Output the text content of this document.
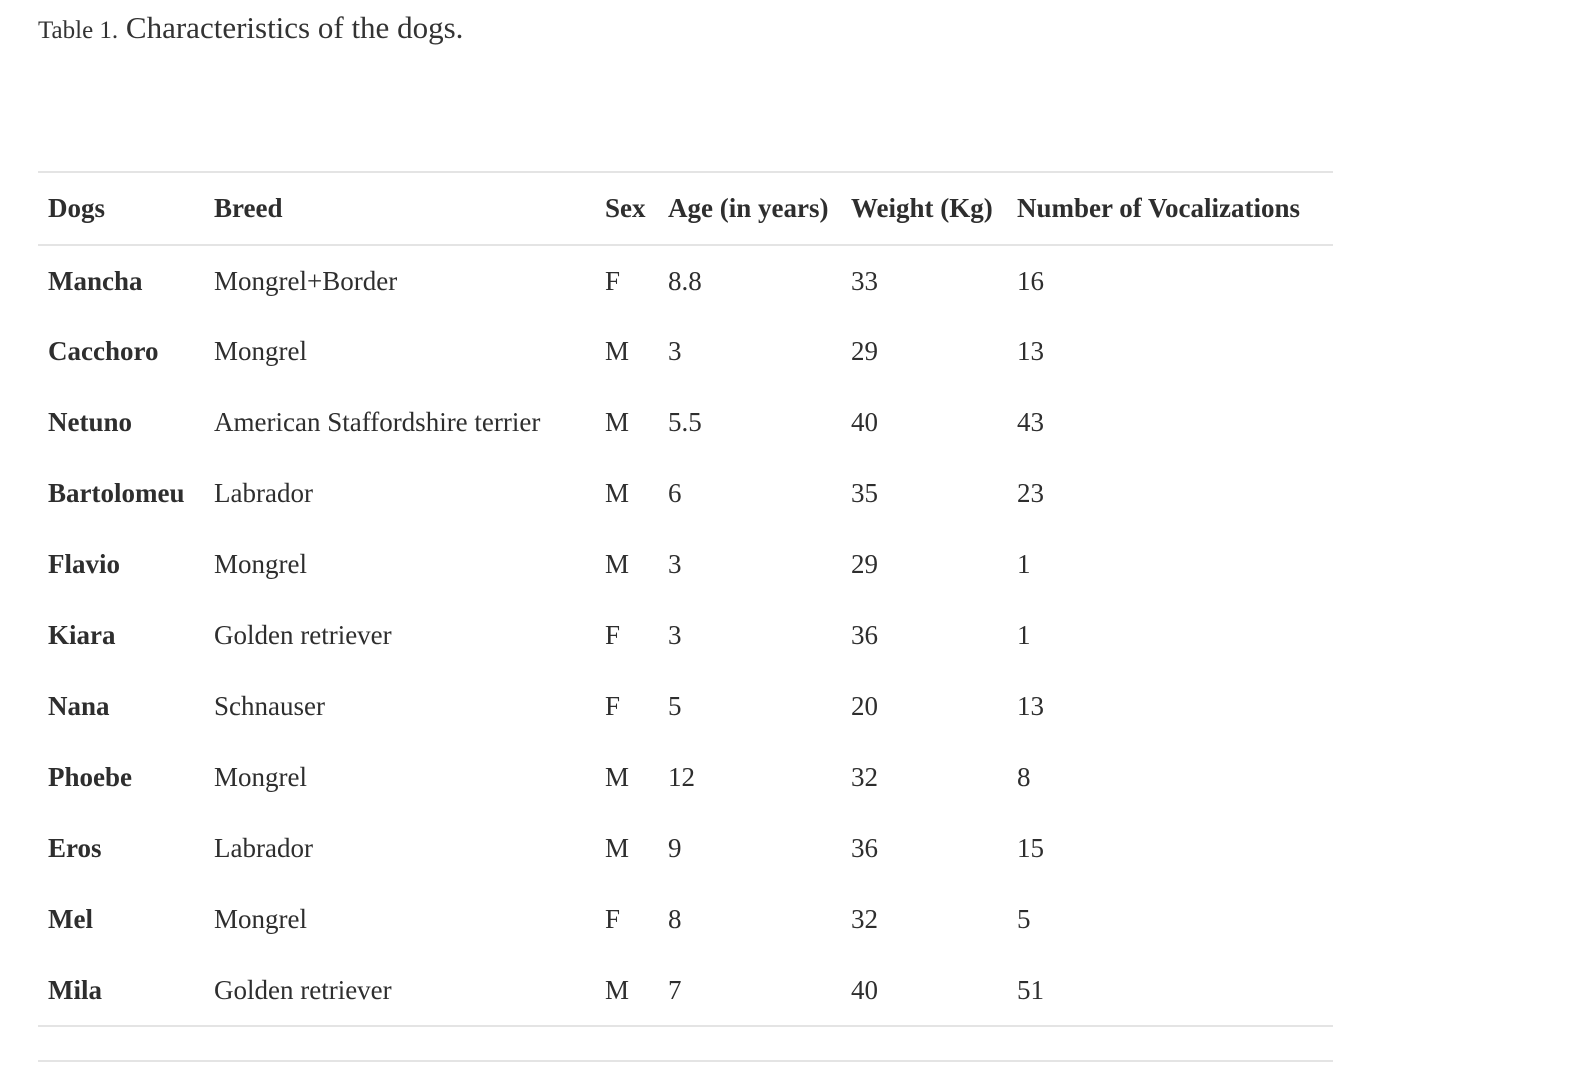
Table 1. Characteristics of the dogs.
Dogs	Breed	Sex	Age (in years)	Weight (Kg)	Number of Vocalizations
Mancha	Mongrel+Border	F	8.8	33	16
Cacchoro	Mongrel	M	3	29	13
Netuno	American Staffordshire terrier	M	5.5	40	43
Bartolomeu	Labrador	M	6	35	23
Flavio	Mongrel	M	3	29	1
Kiara	Golden retriever	F	3	36	1
Nana	Schnauser	F	5	20	13
Phoebe	Mongrel	M	12	32	8
Eros	Labrador	M	9	36	15
Mel	Mongrel	F	8	32	5
Mila	Golden retriever	M	7	40	51
